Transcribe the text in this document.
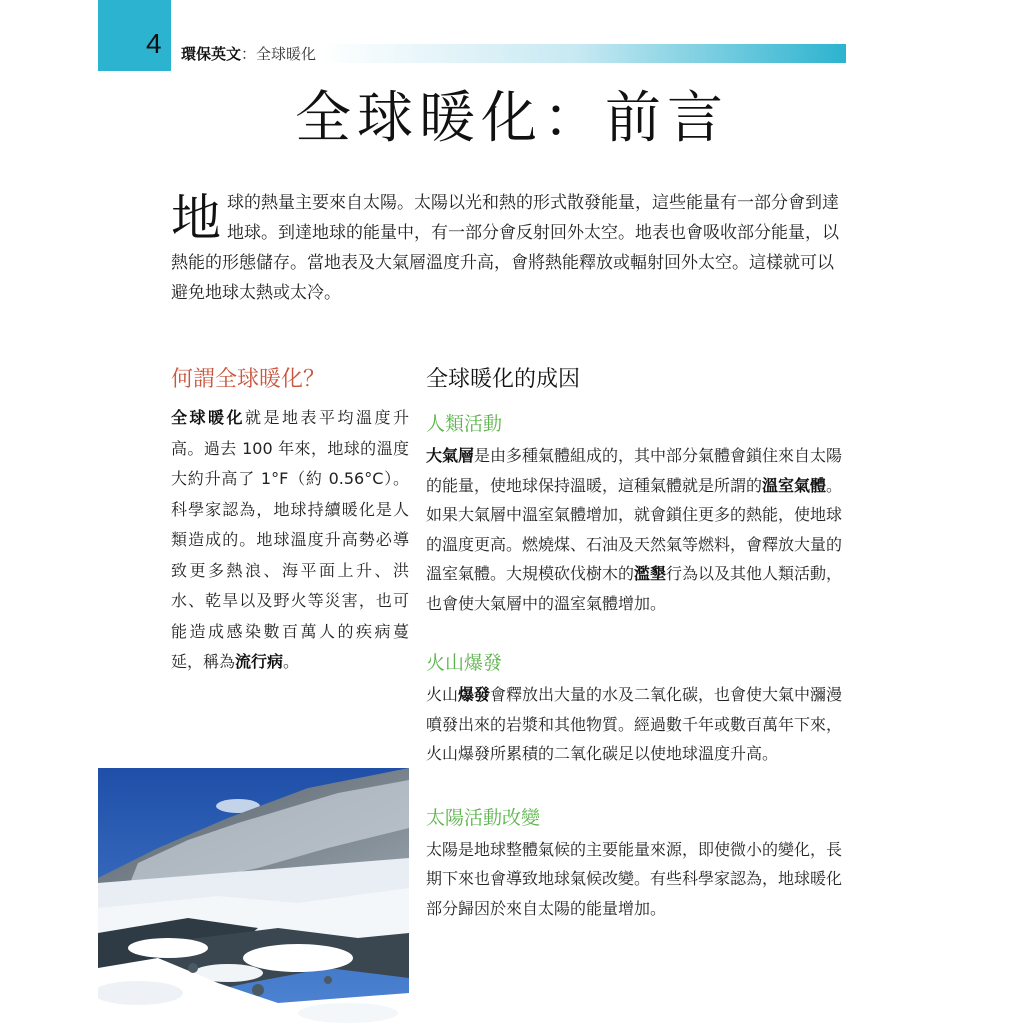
4 環保英文：全球暖化
全球暖化：前言
地球的熱量主要來自太陽。太陽以光和熱的形式散發能量，這些能量有一部分會到達地球。到達地球的能量中，有一部分會反射回外太空。地表也會吸收部分能量，以熱能的形態儲存。當地表及大氣層溫度升高，會將熱能釋放或輻射回外太空。這樣就可以避免地球太熱或太冷。
何謂全球暖化？
全球暖化就是地表平均溫度升高。過去 100 年來，地球的溫度大約升高了 1°F（約 0.56°C）。科學家認為，地球持續暖化是人類造成的。地球溫度升高勢必導致更多熱浪、海平面上升、洪水、乾旱以及野火等災害，也可能造成感染數百萬人的疾病蔓延，稱為流行病。
全球暖化的成因
人類活動

大氣層是由多種氣體組成的，其中部分氣體會鎖住來自太陽的能量，使地球保持溫暖，這種氣體就是所謂的溫室氣體。如果大氣層中溫室氣體增加，就會鎖住更多的熱能，使地球的溫度更高。燃燒煤、石油及天然氣等燃料，會釋放大量的溫室氣體。大規模砍伐樹木的濫墾行為以及其他人類活動，也會使大氣層中的溫室氣體增加。

火山爆發

火山爆發會釋放出大量的水及二氧化碳，也會使大氣中瀰漫噴發出來的岩漿和其他物質。經過數千年或數百萬年下來，火山爆發所累積的二氧化碳足以使地球溫度升高。

太陽活動改變

太陽是地球整體氣候的主要能量來源，即使微小的變化，長期下來也會導致地球氣候改變。有些科學家認為，地球暖化部分歸因於來自太陽的能量增加。
